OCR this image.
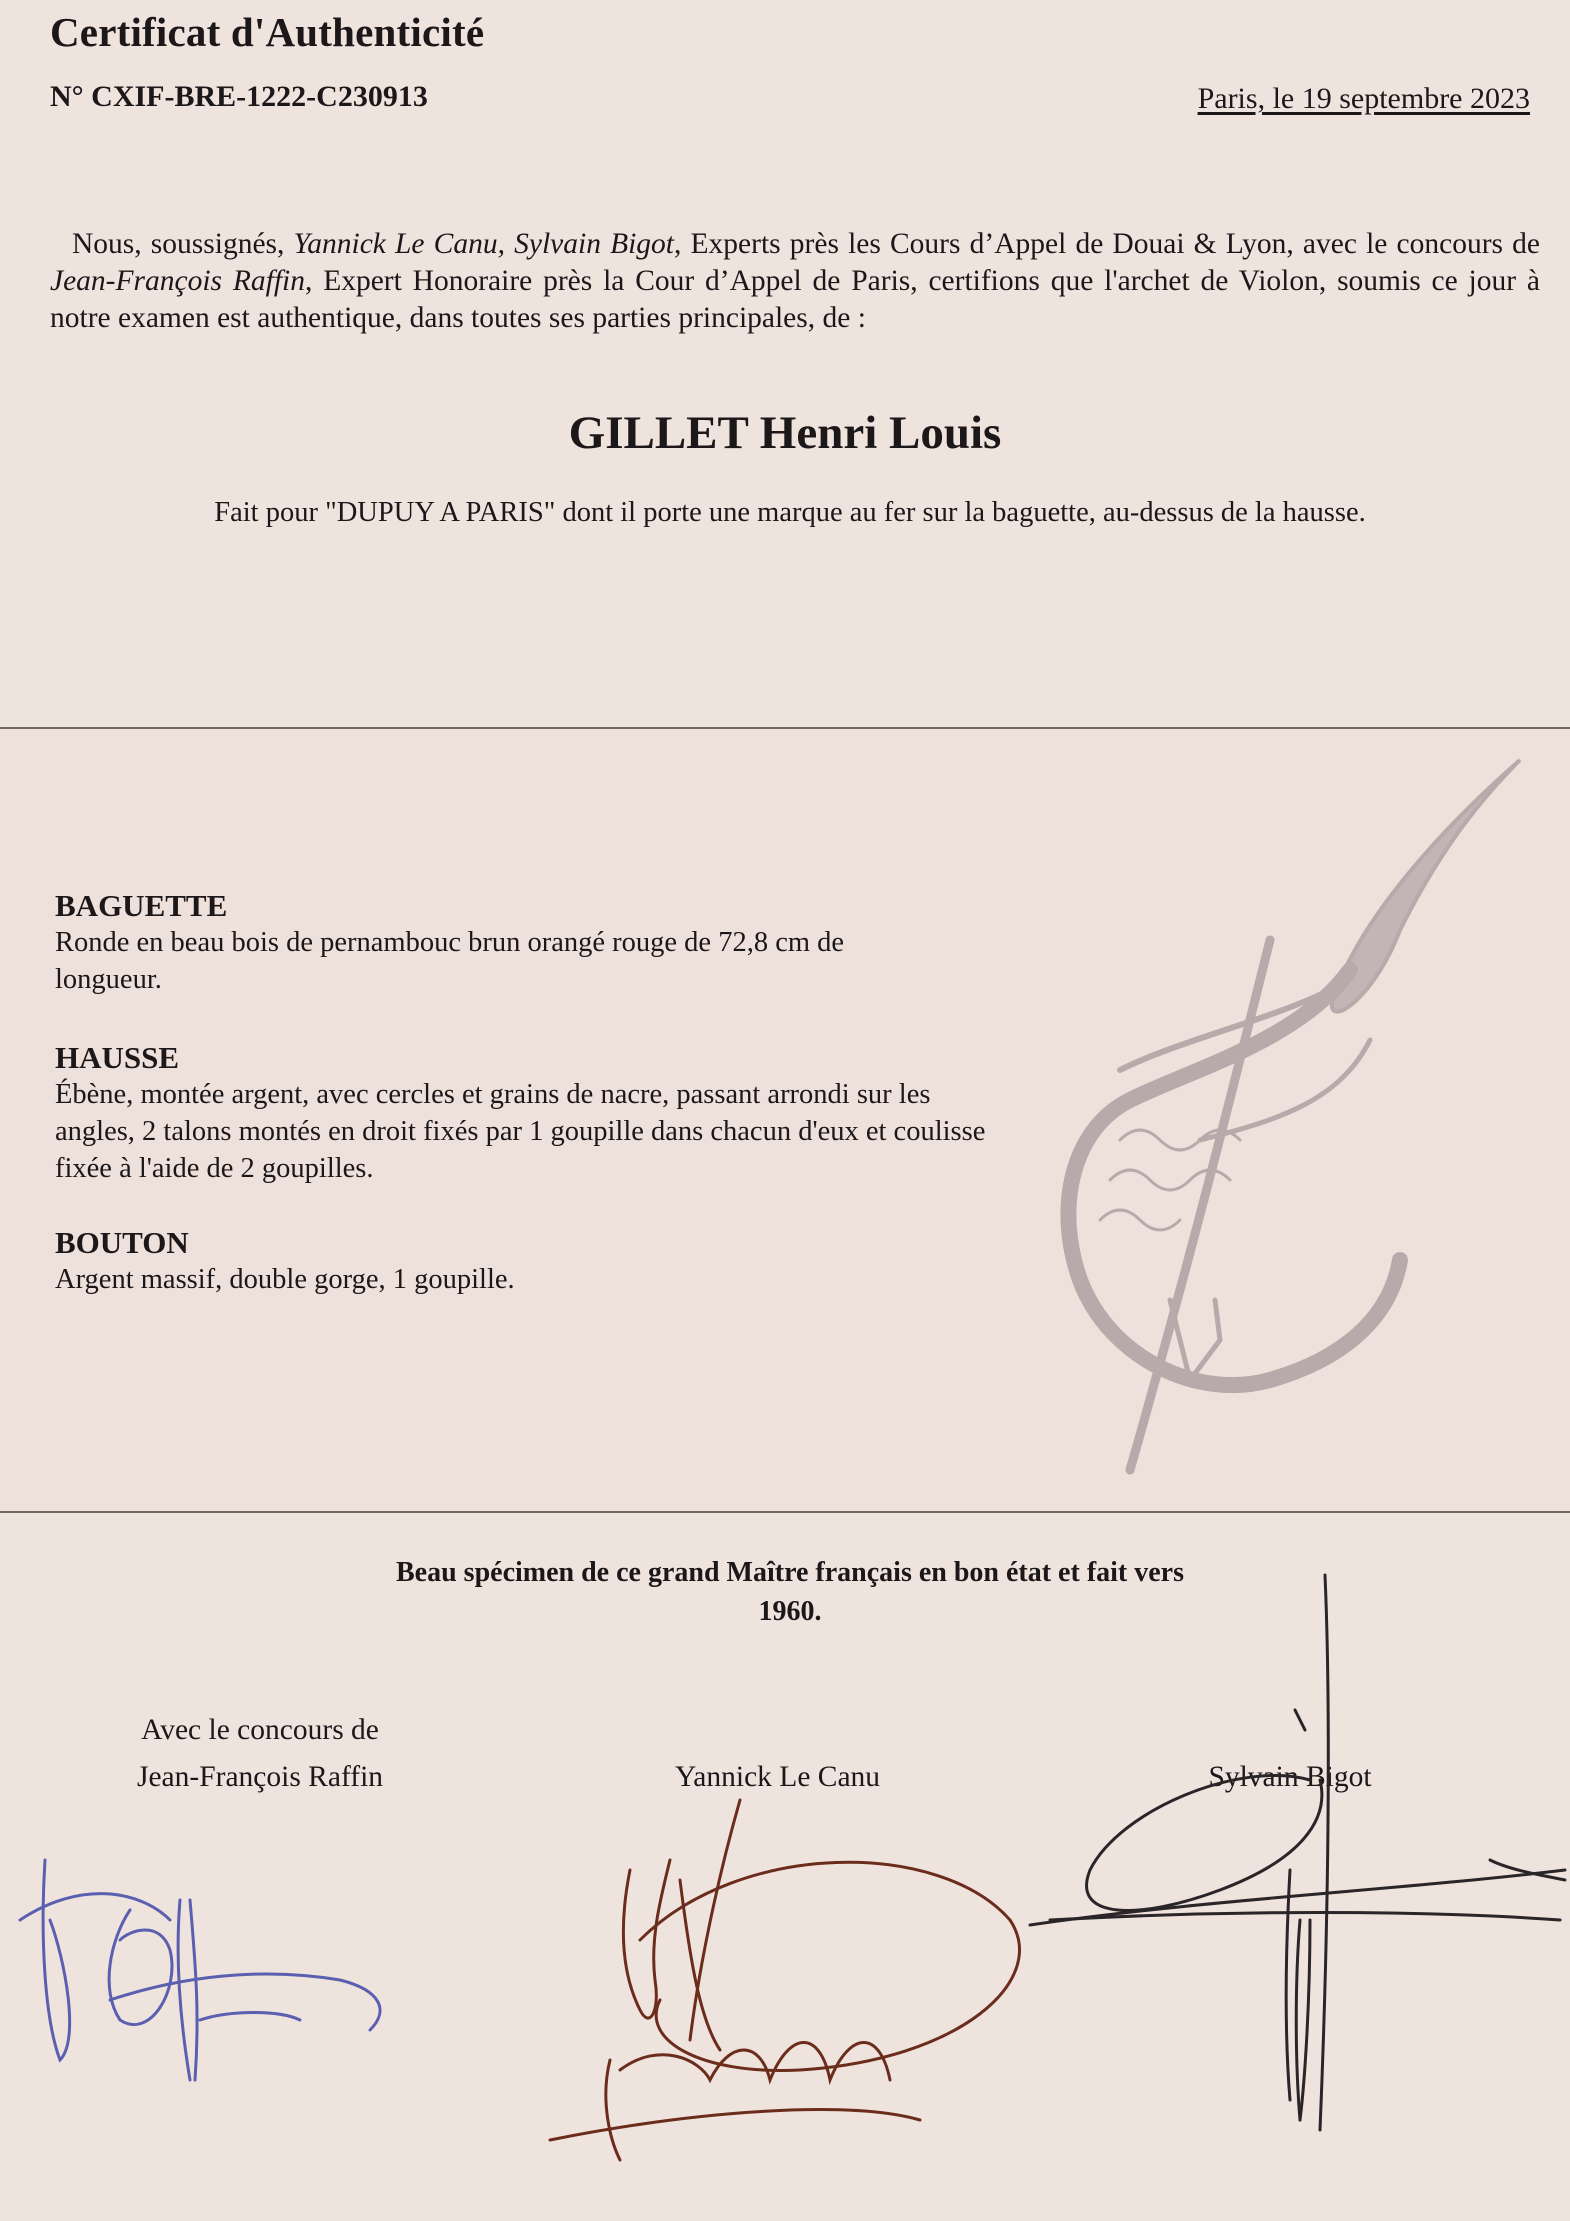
Certificat d'Authenticité
N° CXIF-BRE-1222-C230913	Paris, le 19 septembre 2023
Nous, soussignés, Yannick Le Canu, Sylvain Bigot, Experts près les Cours d’Appel de Douai & Lyon, avec le concours de Jean-François Raffin, Expert Honoraire près la Cour d’Appel de Paris, certifions que l'archet de Violon, soumis ce jour à notre examen est authentique, dans toutes ses parties principales, de :
GILLET Henri Louis
Fait pour "DUPUY A PARIS" dont il porte une marque au fer sur la baguette, au-dessus de la hausse.
BAGUETTE
Ronde en beau bois de pernambouc brun orangé rouge de 72,8 cm de longueur.
HAUSSE
Ébène, montée argent, avec cercles et grains de nacre, passant arrondi sur les angles, 2 talons montés en droit fixés par 1 goupille dans chacun d'eux et coulisse fixée à l'aide de 2 goupilles.
BOUTON
Argent massif, double gorge, 1 goupille.
Beau spécimen de ce grand Maître français en bon état et fait vers 1960.
Avec le concours de
Jean-François Raffin	Yannick Le Canu	Sylvain Bigot
